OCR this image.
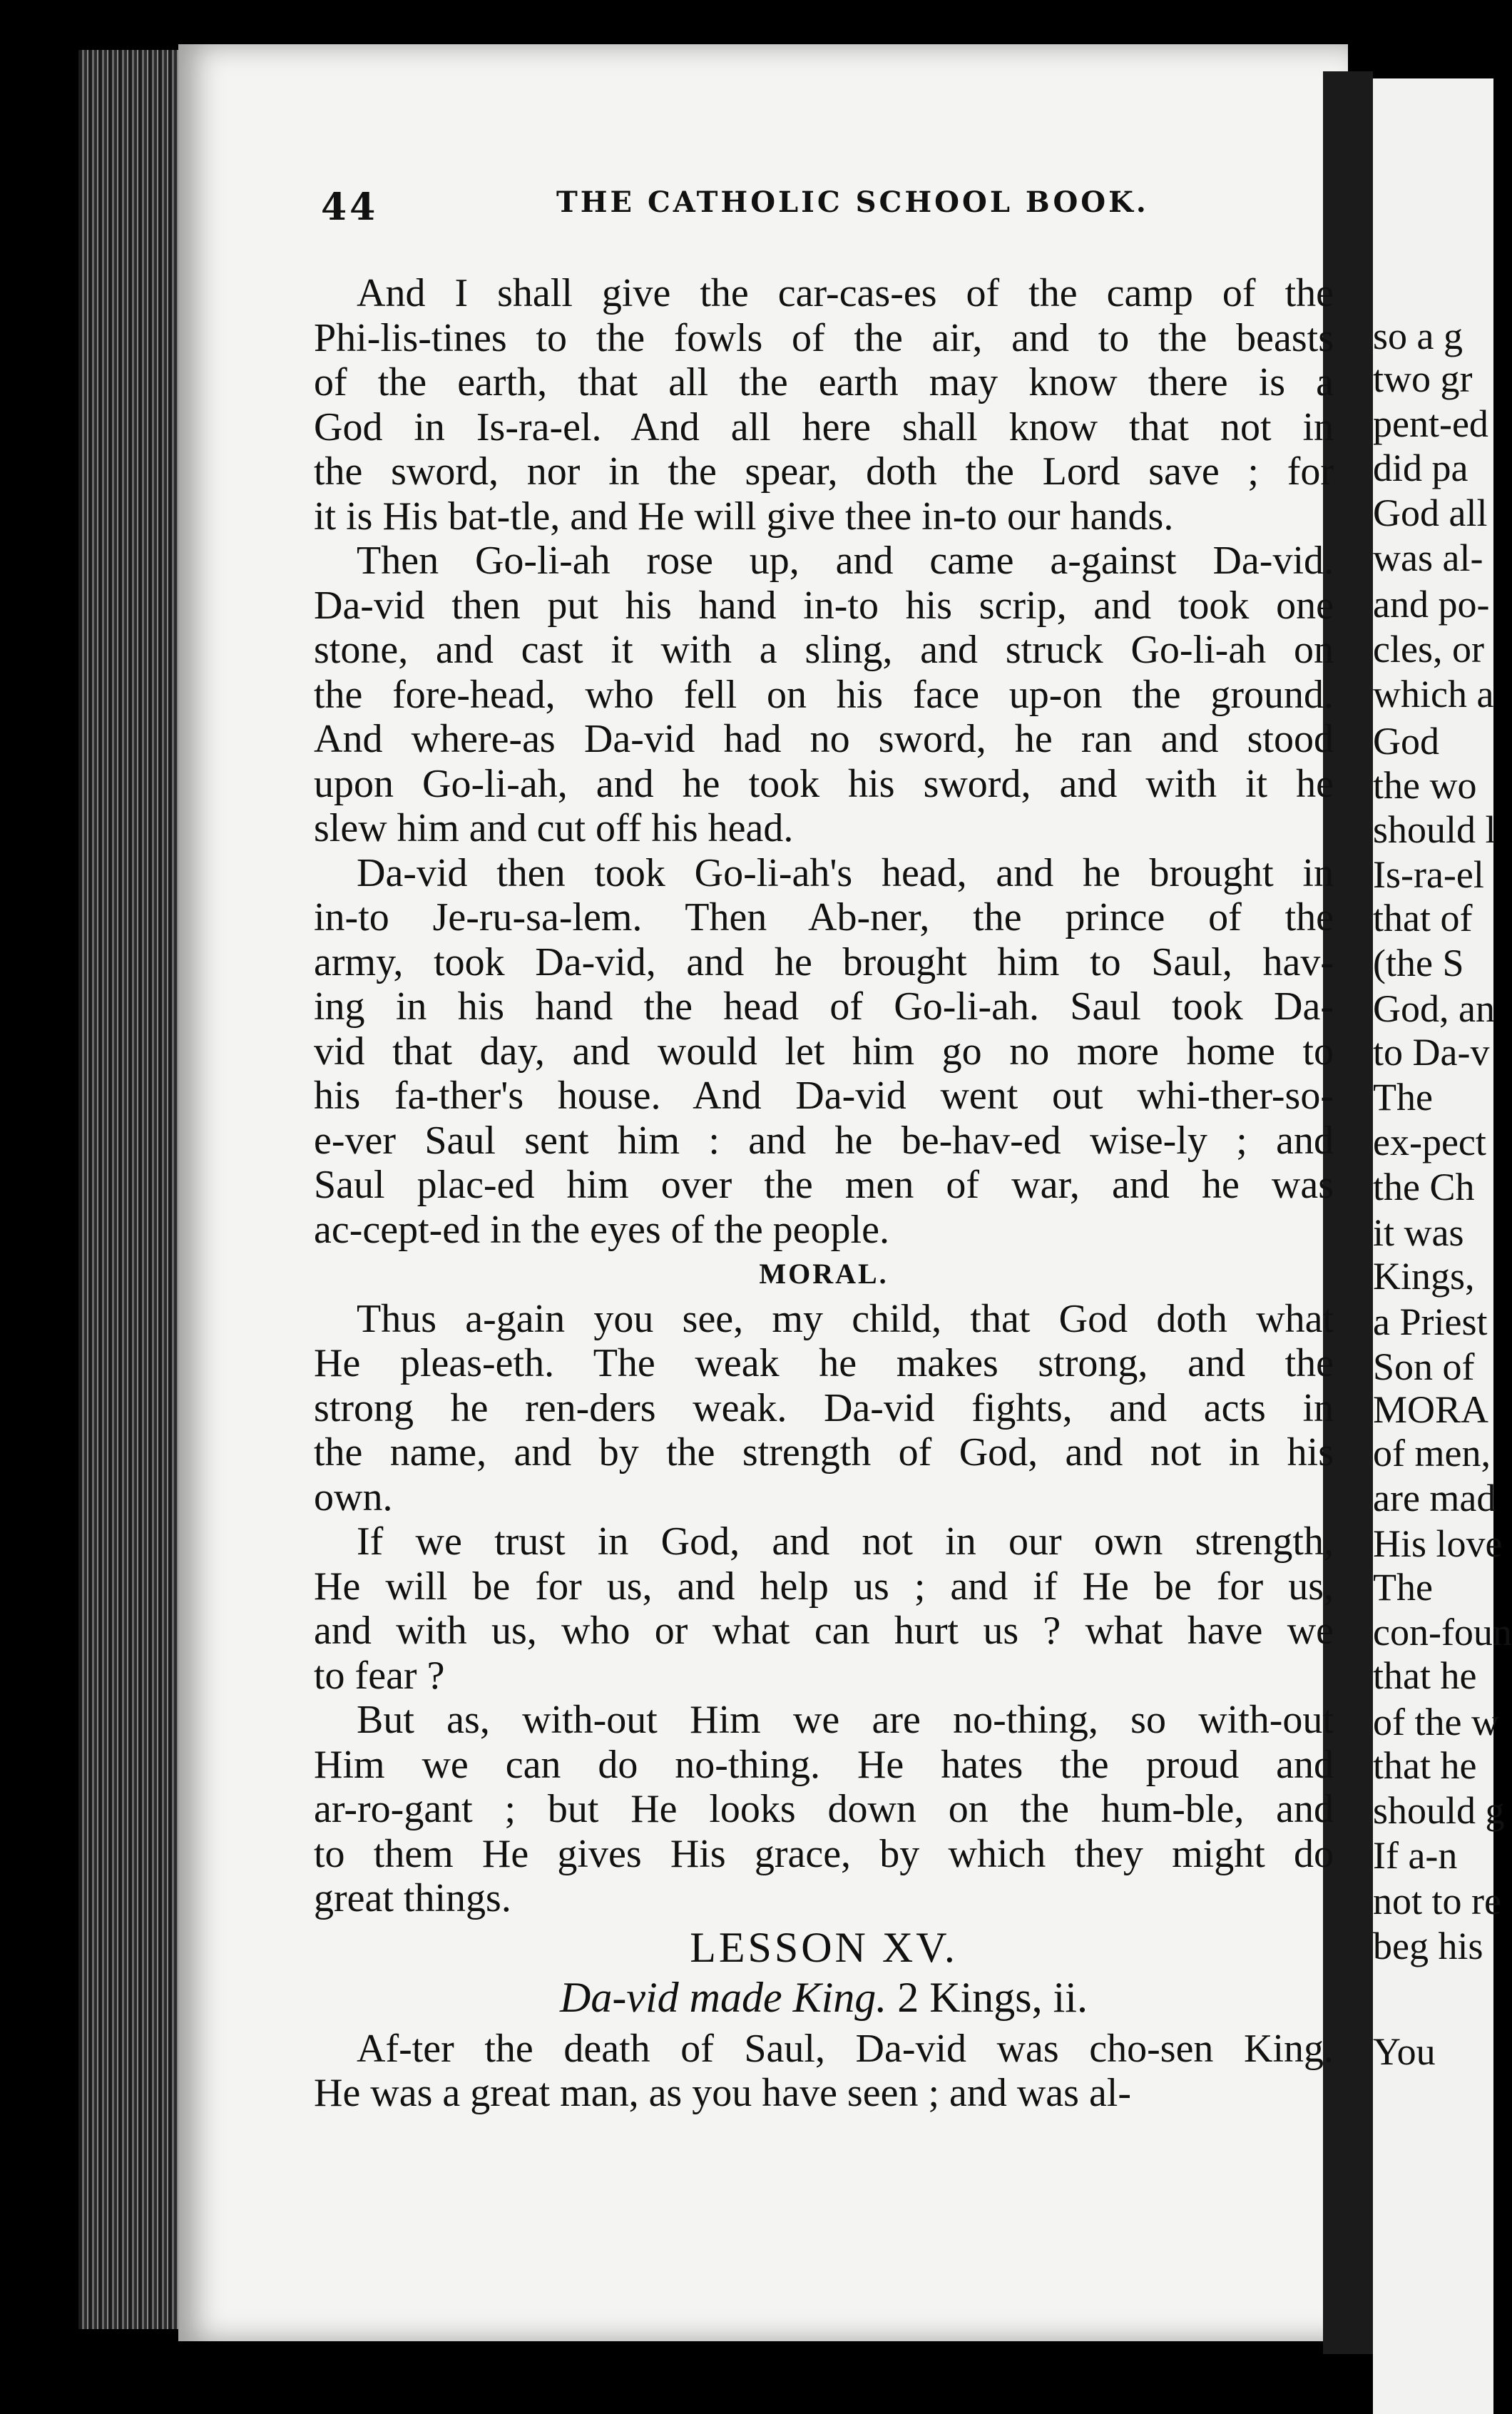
44	THE CATHOLIC SCHOOL BOOK.
And I shall give the car-cas-es of the camp of the
Phi-lis-tines to the fowls of the air, and to the beasts
of the earth, that all the earth may know there is a
God in Is-ra-el. And all here shall know that not in
the sword, nor in the spear, doth the Lord save ; for
it is His bat-tle, and He will give thee in-to our hands.
Then Go-li-ah rose up, and came a-gainst Da-vid.
Da-vid then put his hand in-to his scrip, and took one
stone, and cast it with a sling, and struck Go-li-ah on
the fore-head, who fell on his face up-on the ground.
And where-as Da-vid had no sword, he ran and stood
upon Go-li-ah, and he took his sword, and with it he
slew him and cut off his head.
Da-vid then took Go-li-ah's head, and he brought in
in-to Je-ru-sa-lem. Then Ab-ner, the prince of the
army, took Da-vid, and he brought him to Saul, hav-
ing in his hand the head of Go-li-ah. Saul took Da-
vid that day, and would let him go no more home to
his fa-ther's house. And Da-vid went out whi-ther-so-
e-ver Saul sent him : and he be-hav-ed wise-ly ; and
Saul plac-ed him over the men of war, and he was
ac-cept-ed in the eyes of the people.
MORAL.
Thus a-gain you see, my child, that God doth what
He pleas-eth. The weak he makes strong, and the
strong he ren-ders weak. Da-vid fights, and acts in
the name, and by the strength of God, and not in his
own.
If we trust in God, and not in our own strength,
He will be for us, and help us ; and if He be for us,
and with us, who or what can hurt us ? what have we
to fear ?
But as, with-out Him we are no-thing, so with-out
Him we can do no-thing. He hates the proud and
ar-ro-gant ; but He looks down on the hum-ble, and
to them He gives His grace, by which they might do
great things.
LESSON XV.
Da-vid made King. 2 Kings, ii.
Af-ter the death of Saul, Da-vid was cho-sen King.
He was a great man, as you have seen ; and was al-
so a g
two gr
pent-ed
did pa
God all
was al-
and po-
cles, or
which a
God
the wo
should l
Is-ra-el
that of
(the S
God, an
to Da-v
The
ex-pect
the Ch
it was
Kings,
a Priest
Son of
MORA
of men,
are mad
His love
The
con-foun
that he
of the w
that he
should g
If a-n
not to re
beg his
You
